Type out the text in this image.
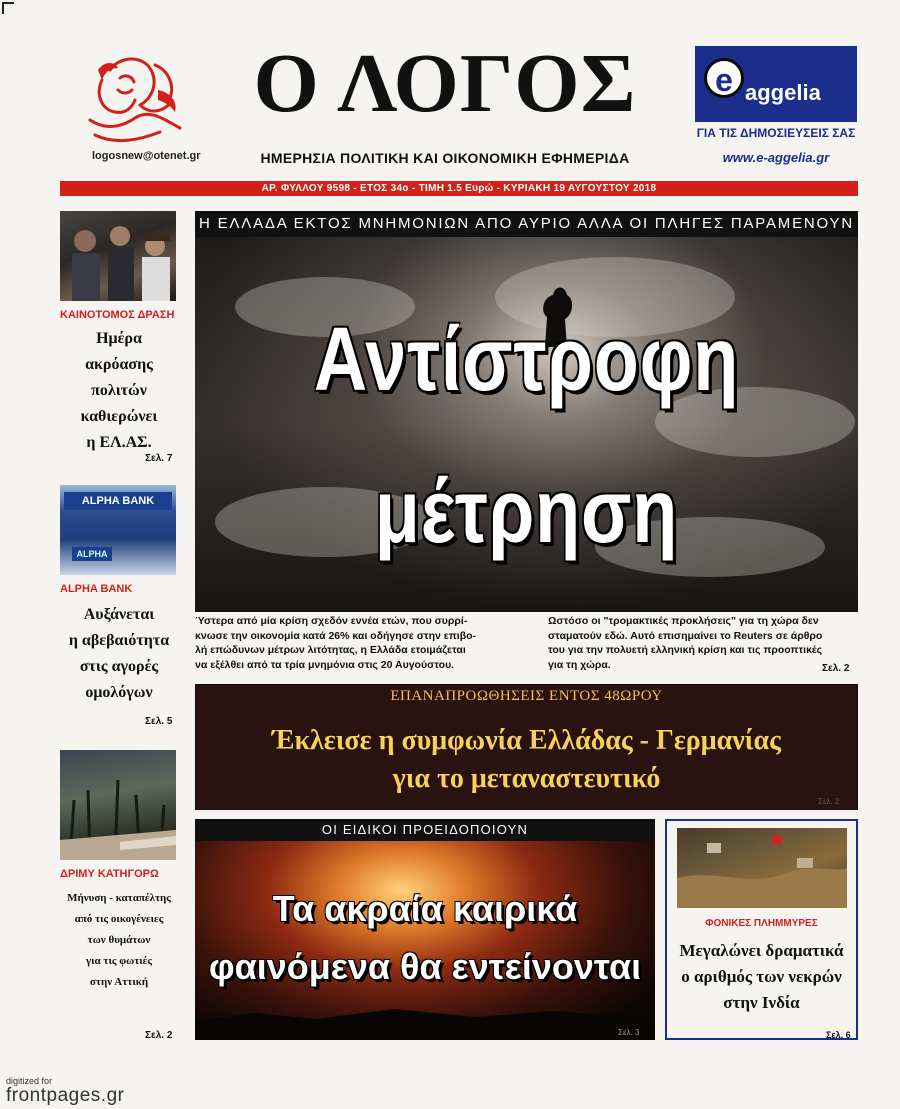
logosnew@otenet.gr
Ο ΛΟΓΟΣ
ΗΜΕΡΗΣΙΑ ΠΟΛΙΤΙΚΗ ΚΑΙ ΟΙΚΟΝΟΜΙΚΗ ΕΦΗΜΕΡΙΔΑ
e aggelia
ΓΙΑ ΤΙΣ ΔΗΜΟΣΙΕΥΣΕΙΣ ΣΑΣ
www.e-aggelia.gr
ΑΡ. ΦΥΛΛΟΥ 9598 - ΕΤΟΣ 34ο - ΤΙΜΗ 1.5 Ευρώ - ΚΥΡΙΑΚΗ 19 ΑΥΓΟΥΣΤΟΥ 2018
ΚΑΙΝΟΤΟΜΟΣ ΔΡΑΣΗ
Ημέρα
ακρόασης
πολιτών
καθιερώνει
η ΕΛ.ΑΣ.
Σελ. 7
ALPHA BANK
ALPHA
ALPHA BANK
Αυξάνεται
η αβεβαιότητα
στις αγορές
ομολόγων
Σελ. 5
ΔΡΙΜΥ ΚΑΤΗΓΟΡΩ
Μήνυση - καταπέλτης
από τις οικογένειες
των θυμάτων
για τις φωτιές
στην Αττική
Σελ. 2
Η ΕΛΛΑΔΑ ΕΚΤΟΣ ΜΝΗΜΟΝΙΩΝ ΑΠΟ ΑΥΡΙΟ ΑΛΛΑ ΟΙ ΠΛΗΓΕΣ ΠΑΡΑΜΕΝΟΥΝ
Αντίστροφη
μέτρηση
Ύστερα από μία κρίση σχεδόν εννέα ετών, που συρρί-
κνωσε την οικονομία κατά 26% και οδήγησε στην επιβο-
λή επώδυνων μέτρων λιτότητας, η Ελλάδα ετοιμάζεται
να εξέλθει από τα τρία μνημόνια στις 20 Αυγούστου.
Ωστόσο οι "τρομακτικές προκλήσεις" για τη χώρα δεν
σταματούν εδώ. Αυτό επισημαίνει το Reuters σε άρθρο
του για την πολυετή ελληνική κρίση και τις προοπτικές
για τη χώρα.	Σελ. 2
ΕΠΑΝΑΠΡΟΩΘΗΣΕΙΣ ΕΝΤΟΣ 48ΩΡΟΥ
Έκλεισε η συμφωνία Ελλάδας - Γερμανίας
για το μεταναστευτικό
Σελ. 2
ΟΙ ΕΙΔΙΚΟΙ ΠΡΟΕΙΔΟΠΟΙΟΥΝ
Τα ακραία καιρικά
φαινόμενα θα εντείνονται
Σελ. 3
ΦΟΝΙΚΕΣ ΠΛΗΜΜΥΡΕΣ
Μεγαλώνει δραματικά
ο αριθμός των νεκρών
στην Ινδία
Σελ. 6
digitized for
frontpages.gr
